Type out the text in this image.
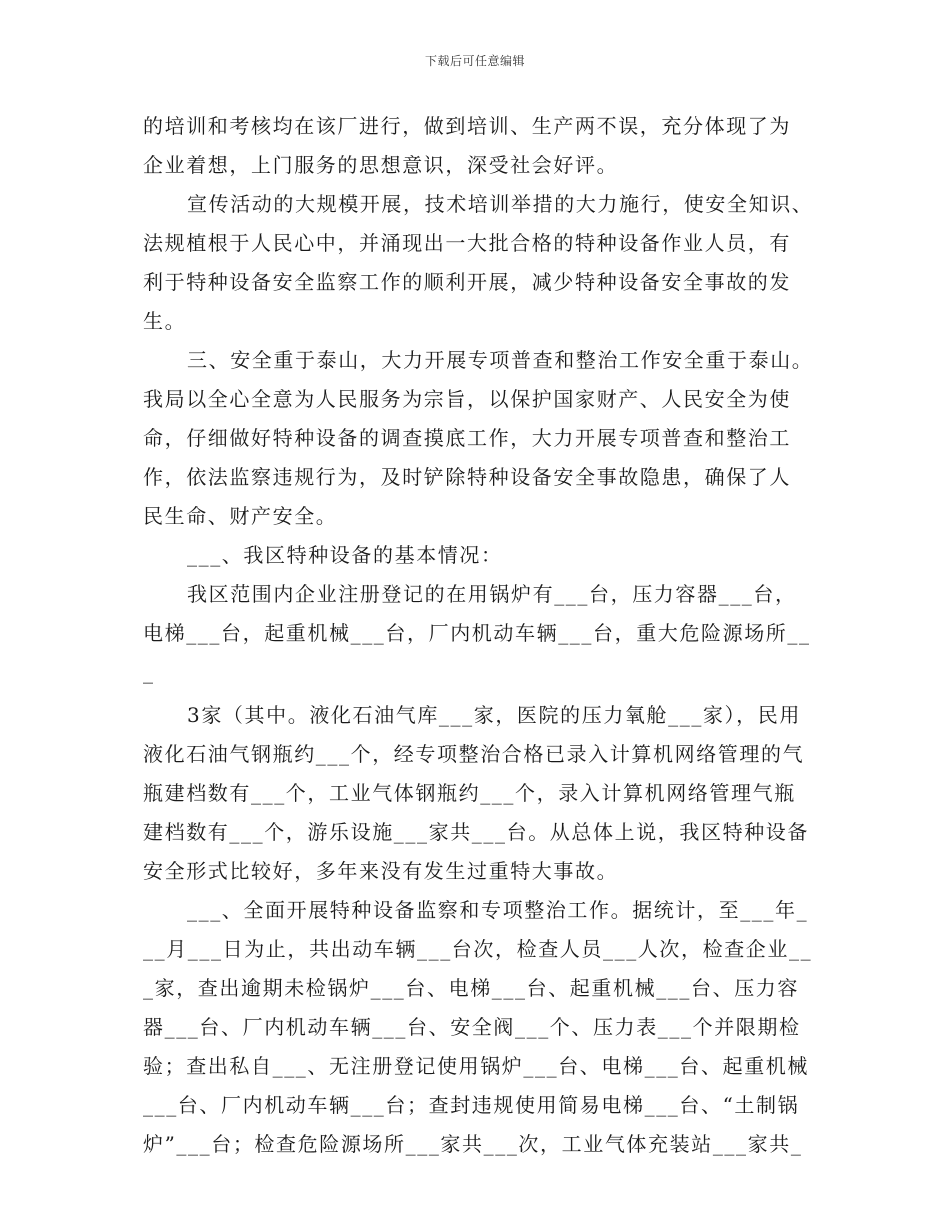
下载后可任意编辑
的培训和考核均在该厂进行，做到培训、生产两不误，充分体现了为
企业着想，上门服务的思想意识，深受社会好评。
宣传活动的大规模开展，技术培训举措的大力施行，使安全知识、
法规植根于人民心中，并涌现出一大批合格的特种设备作业人员，有
利于特种设备安全监察工作的顺利开展，减少特种设备安全事故的发
生。
三、安全重于泰山，大力开展专项普查和整治工作安全重于泰山。
我局以全心全意为人民服务为宗旨，以保护国家财产、人民安全为使
命，仔细做好特种设备的调查摸底工作，大力开展专项普查和整治工
作，依法监察违规行为，及时铲除特种设备安全事故隐患，确保了人
民生命、财产安全。
___、我区特种设备的基本情况：
我区范围内企业注册登记的在用锅炉有___台，压力容器___台，
电梯___台，起重机械___台，厂内机动车辆___台，重大危险源场所__
_
3家（其中。液化石油气库___家，医院的压力氧舱___家），民用
液化石油气钢瓶约___个，经专项整治合格已录入计算机网络管理的气
瓶建档数有___个，工业气体钢瓶约___个，录入计算机网络管理气瓶
建档数有___个，游乐设施___家共___台。从总体上说，我区特种设备
安全形式比较好，多年来没有发生过重特大事故。
___、全面开展特种设备监察和专项整治工作。据统计，至___年_
__月___日为止，共出动车辆___台次，检查人员___人次，检查企业__
_家，查出逾期未检锅炉___台、电梯___台、起重机械___台、压力容
器___台、厂内机动车辆___台、安全阀___个、压力表___个并限期检
验；查出私自___、无注册登记使用锅炉___台、电梯___台、起重机械
___台、厂内机动车辆___台；查封违规使用简易电梯___台、“土制锅
炉”___台；检查危险源场所___家共___次，工业气体充装站___家共_
